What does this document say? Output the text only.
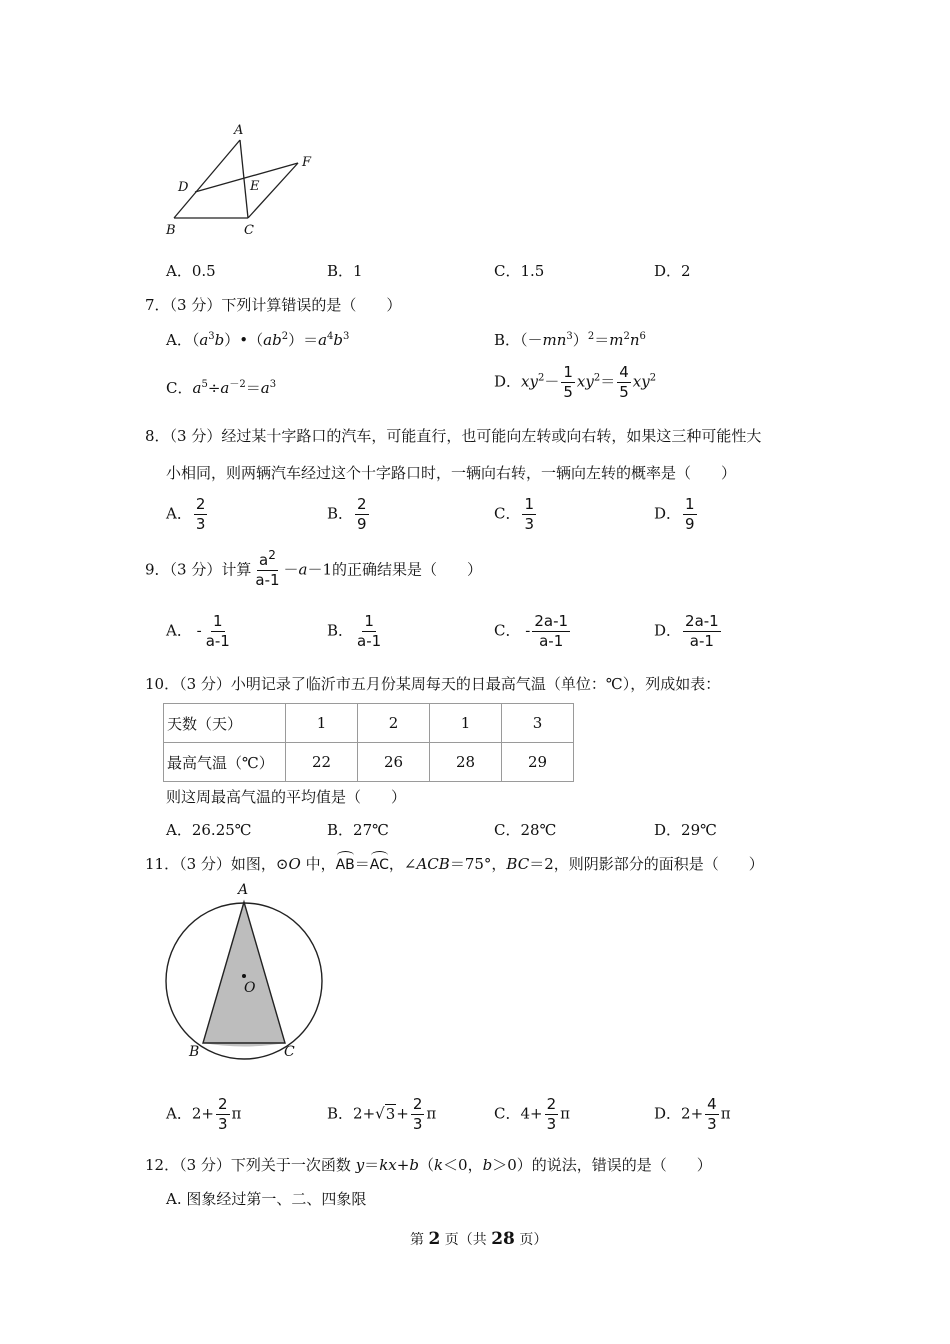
A
B	C
D	E
F
A．0.5	B．1	C．1.5	D．2
7．（3 分）下列计算错误的是（　　）
A．$(a^3b)•(ab^2)=a^4b^3$	B．$(-mn^3)^2=m^2n^6$
C．$a^5\div a^{-2}=a^3$	D．$xy^2- \frac{1}{5} xy^2= \frac{4}{5} xy^2$
8．（3 分）经过某十字路口的汽车，可能直行，也可能向左转或向右转，如果这三种可能性大
小相同，则两辆汽车经过这个十字路口时，一辆向右转，一辆向左转的概率是（　　）
A． $\frac{2}{3}$	B． $\frac{2}{9}$	C． $\frac{1}{3}$	D． $\frac{1}{9}$
9．（3 分）计算 $\frac{a^2}{a-1} -a-1$的正确结果是（　　）
A． - $\frac{1}{a-1}$	B． $\frac{1}{a-1}$	C． - $\frac{2a-1}{a-1}$	D． $\frac{2a-1}{a-1}$
10．（3 分）小明记录了临沂市五月份某周每天的日最高气温（单位：℃），列成如表：
天数（天）	1	2	1	3
最高气温（℃）	22	26	28	29
则这周最高气温的平均值是（　　）
A．26.25℃	B．27℃	C．28℃	D．29℃
11．（3 分）如图，⊙O 中，AB＝AC，∠ACB＝75°，BC＝2，则阴影部分的面积是（　　）
A
O
B	C
A．$2+ \frac{2}{3}$ π	B．$2+√3+ \frac{2}{3}$ π	C．$4+ \frac{2}{3}$ π	D．$2+ \frac{4}{3}$ π
12．（3 分）下列关于一次函数 y＝kx+b（k＜0，b＞0）的说法，错误的是（　　）
A. 图象经过第一、二、四象限
第 2 页（共 28 页）
